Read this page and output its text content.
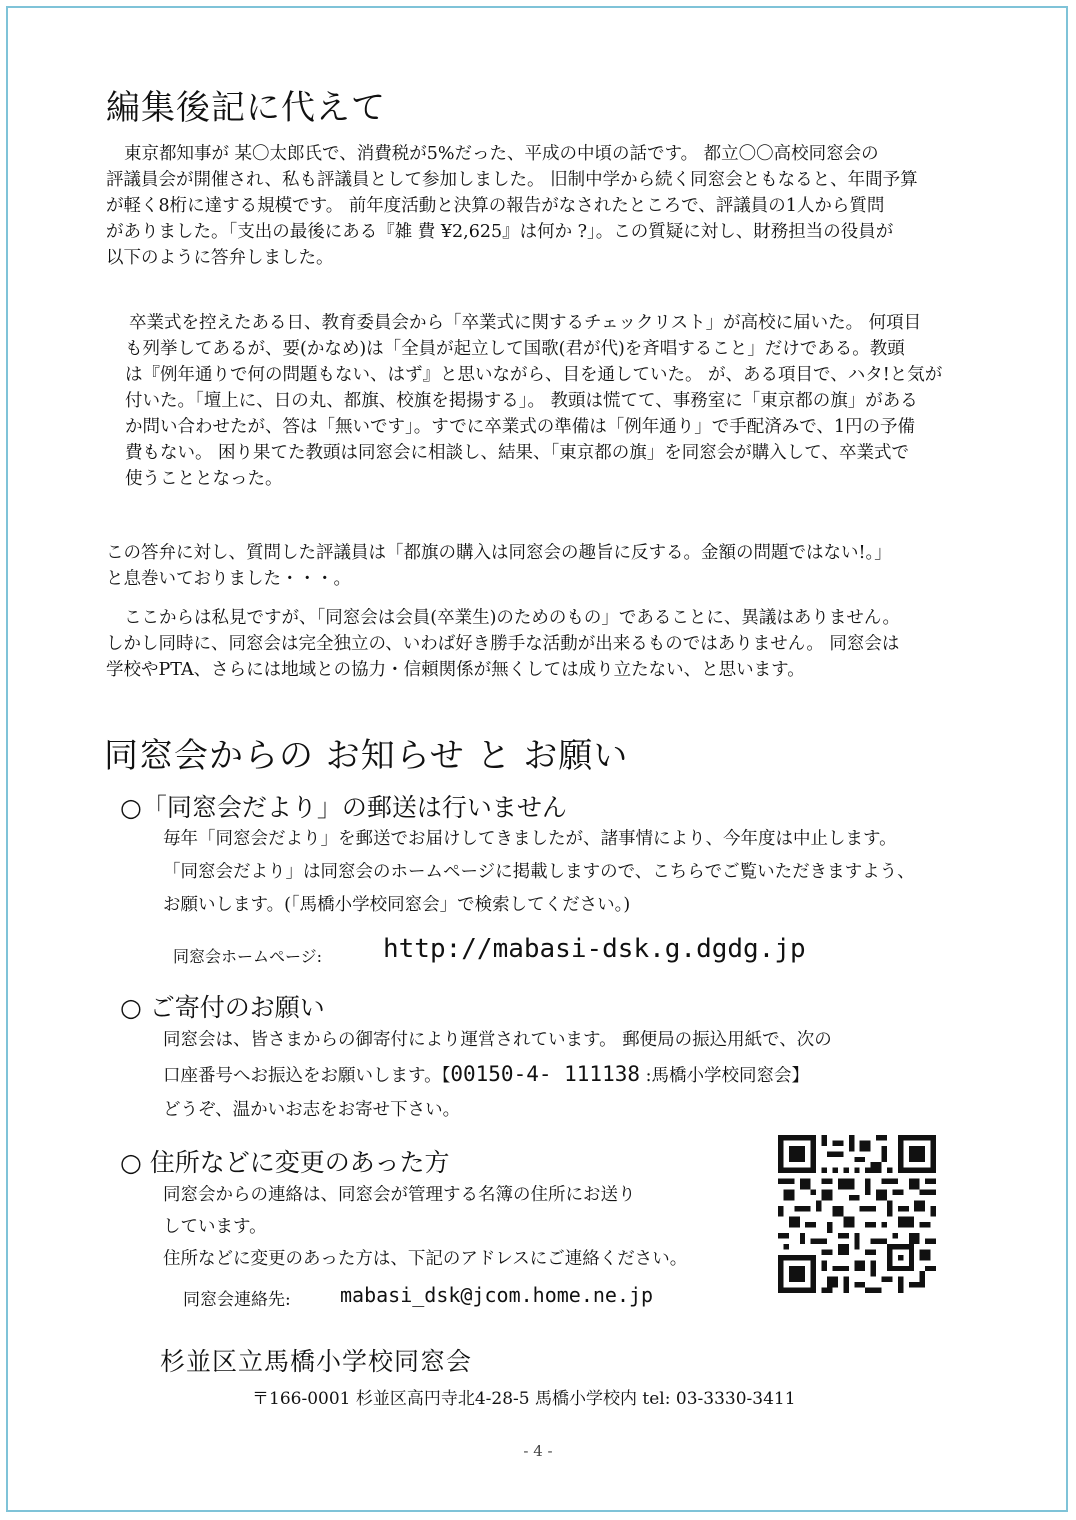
編集後記に代えて
東京都知事が 某〇太郎氏で、消費税が5%だった、平成の中頃の話です。 都立〇〇高校同窓会の
評議員会が開催され、私も評議員として参加しました。 旧制中学から続く同窓会ともなると、年間予算
が軽く8桁に達する規模です。 前年度活動と決算の報告がなされたところで、評議員の1人から質問
がありました。「支出の最後にある『雑 費 ¥2,625』は何か ?」。この質疑に対し、財務担当の役員が
以下のように答弁しました。
卒業式を控えたある日、教育委員会から「卒業式に関するチェックリスト」が高校に届いた。 何項目
も列挙してあるが、要(かなめ)は「全員が起立して国歌(君が代)を斉唱すること」だけである。教頭
は『例年通りで何の問題もない、はず』と思いながら、目を通していた。 が、ある項目で、ハタ!と気が
付いた。「壇上に、日の丸、都旗、校旗を掲揚する」。 教頭は慌てて、事務室に「東京都の旗」がある
か問い合わせたが、答は「無いです」。すでに卒業式の準備は「例年通り」で手配済みで、1円の予備
費もない。 困り果てた教頭は同窓会に相談し、結果、「東京都の旗」を同窓会が購入して、卒業式で
使うこととなった。
この答弁に対し、質問した評議員は「都旗の購入は同窓会の趣旨に反する。金額の問題ではない!。」
と息巻いておりました・・・。
ここからは私見ですが、「同窓会は会員(卒業生)のためのもの」であることに、異議はありません。
しかし同時に、同窓会は完全独立の、いわば好き勝手な活動が出来るものではありません。 同窓会は
学校やPTA、さらには地域との協力・信頼関係が無くしては成り立たない、と思います。
同窓会からの お知らせ と お願い
○「同窓会だより」の郵送は行いません
毎年「同窓会だより」を郵送でお届けしてきましたが、諸事情により、今年度は中止します。
「同窓会だより」は同窓会のホームページに掲載しますので、こちらでご覧いただきますよう、
お願いします。(「馬橋小学校同窓会」で検索してください。)
同窓会ホームページ: http://mabasi-dsk.g.dgdg.jp
○ ご寄付のお願い
同窓会は、皆さまからの御寄付により運営されています。 郵便局の振込用紙で、次の
口座番号へお振込をお願いします。【00150-4- 111138 :馬橋小学校同窓会】
どうぞ、温かいお志をお寄せ下さい。
○ 住所などに変更のあった方
同窓会からの連絡は、同窓会が管理する名簿の住所にお送り
しています。
住所などに変更のあった方は、下記のアドレスにご連絡ください。
同窓会連絡先: mabasi_dsk@jcom.home.ne.jp
杉並区立馬橋小学校同窓会
〒166-0001 杉並区高円寺北4-28-5 馬橋小学校内 tel: 03-3330-3411
- 4 -
